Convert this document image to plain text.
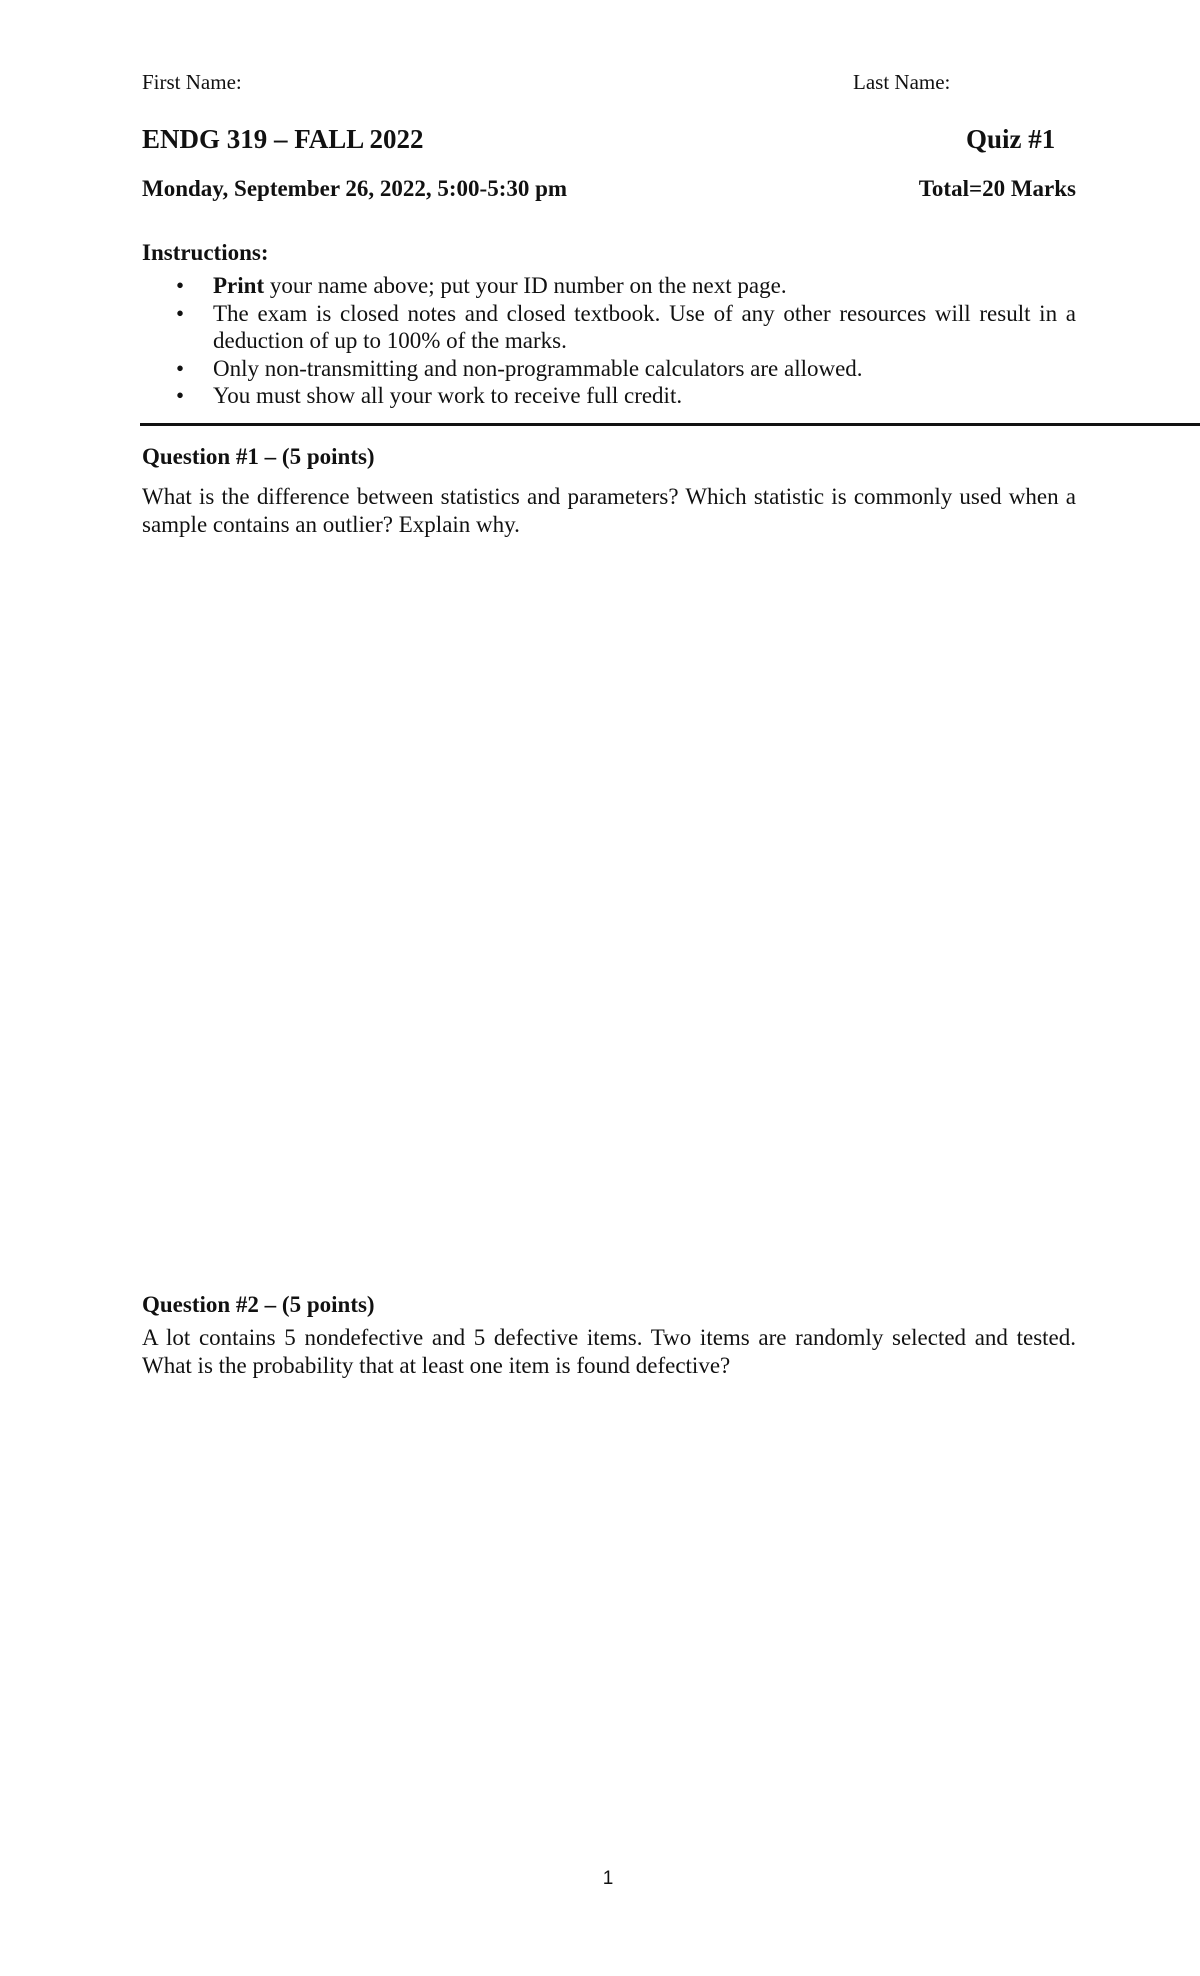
First Name:	Last Name:
ENDG 319 – FALL 2022	Quiz #1
Monday, September 26, 2022, 5:00-5:30 pm	Total=20 Marks
Instructions:
• Print your name above; put your ID number on the next page.
• The exam is closed notes and closed textbook. Use of any other resources will result in a deduction of up to 100% of the marks.
• Only non-transmitting and non-programmable calculators are allowed.
• You must show all your work to receive full credit.
Question #1 – (5 points)
What is the difference between statistics and parameters? Which statistic is commonly used when a sample contains an outlier? Explain why.
Question #2 – (5 points)
A lot contains 5 nondefective and 5 defective items. Two items are randomly selected and tested. What is the probability that at least one item is found defective?
1
